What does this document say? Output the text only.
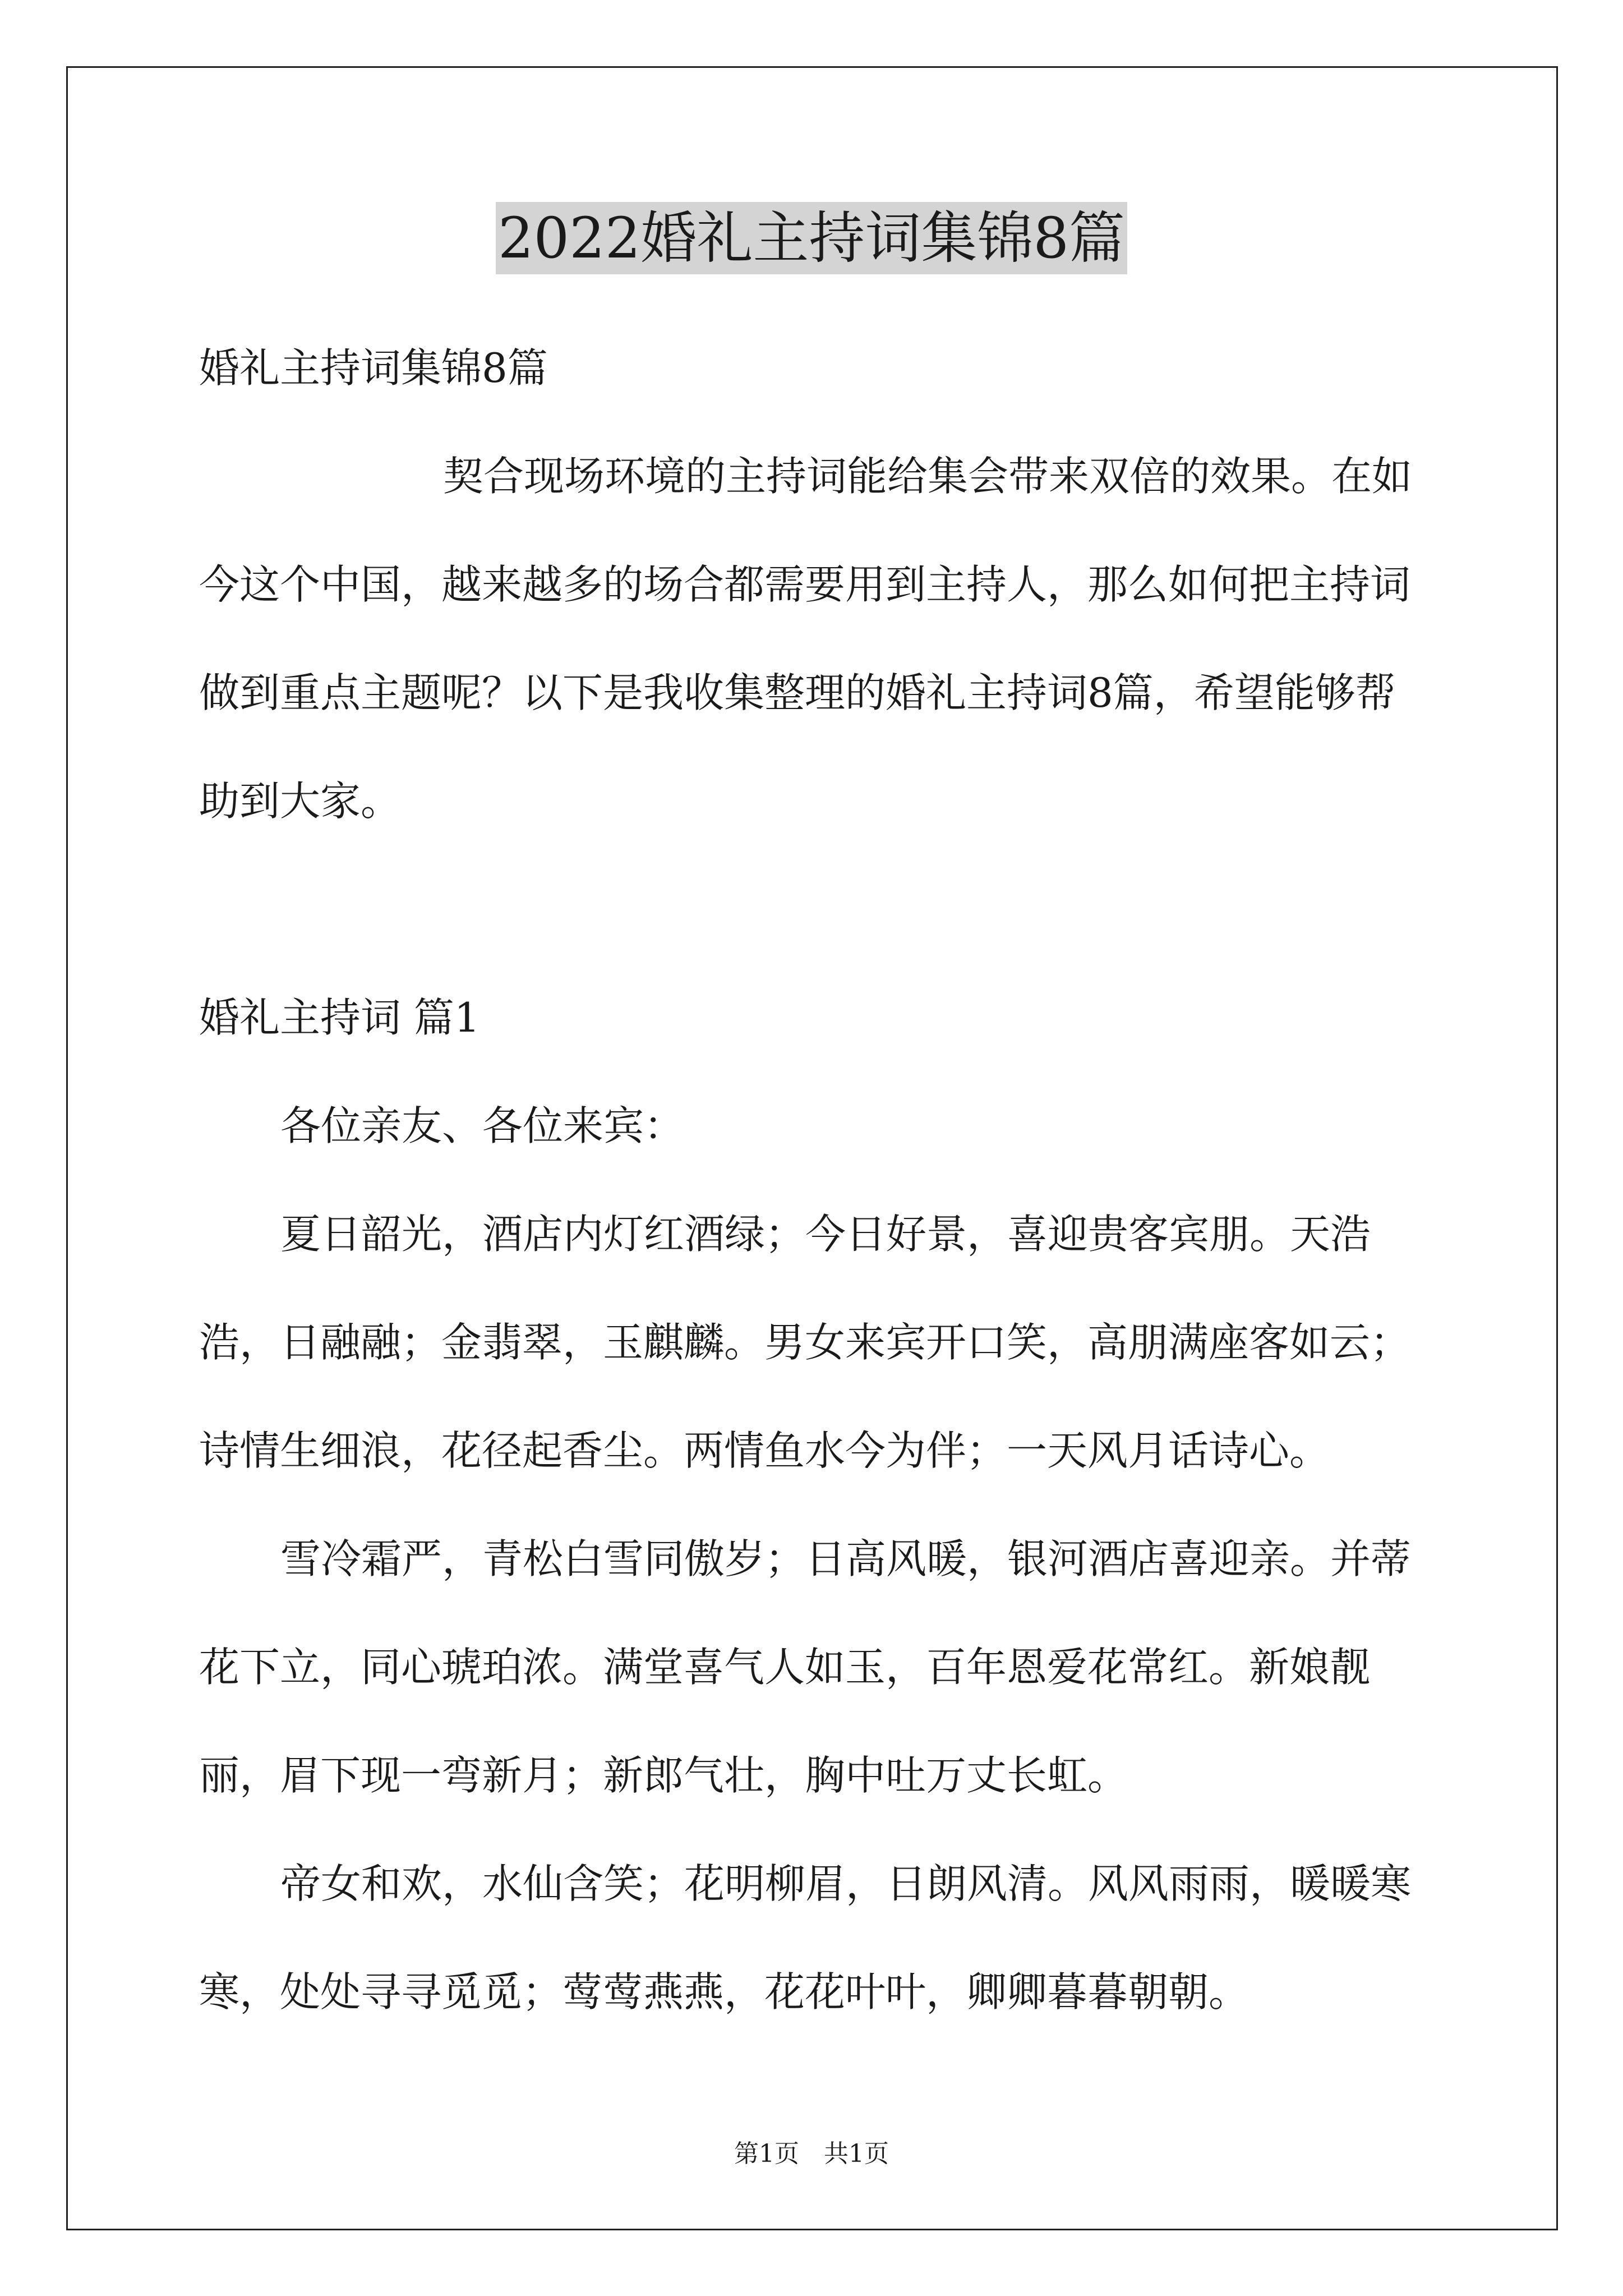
2022婚礼主持词集锦8篇

婚礼主持词集锦8篇

契合现场环境的主持词能给集会带来双倍的效果。在如今这个中国，越来越多的场合都需要用到主持人，那么如何把主持词做到重点主题呢？以下是我收集整理的婚礼主持词8篇，希望能够帮助到大家。

婚礼主持词 篇1

各位亲友、各位来宾：

夏日韶光，酒店内灯红酒绿；今日好景，喜迎贵客宾朋。天浩浩，日融融；金翡翠，玉麒麟。男女来宾开口笑，高朋满座客如云；诗情生细浪，花径起香尘。两情鱼水今为伴；一天风月话诗心。

雪冷霜严，青松白雪同傲岁；日高风暖，银河酒店喜迎亲。并蒂花下立，同心琥珀浓。满堂喜气人如玉，百年恩爱花常红。新娘靓丽，眉下现一弯新月；新郎气壮，胸中吐万丈长虹。

帝女和欢，水仙含笑；花明柳眉，日朗风清。风风雨雨，暖暖寒寒，处处寻寻觅觅；莺莺燕燕，花花叶叶，卿卿暮暮朝朝。

第1页　共1页
